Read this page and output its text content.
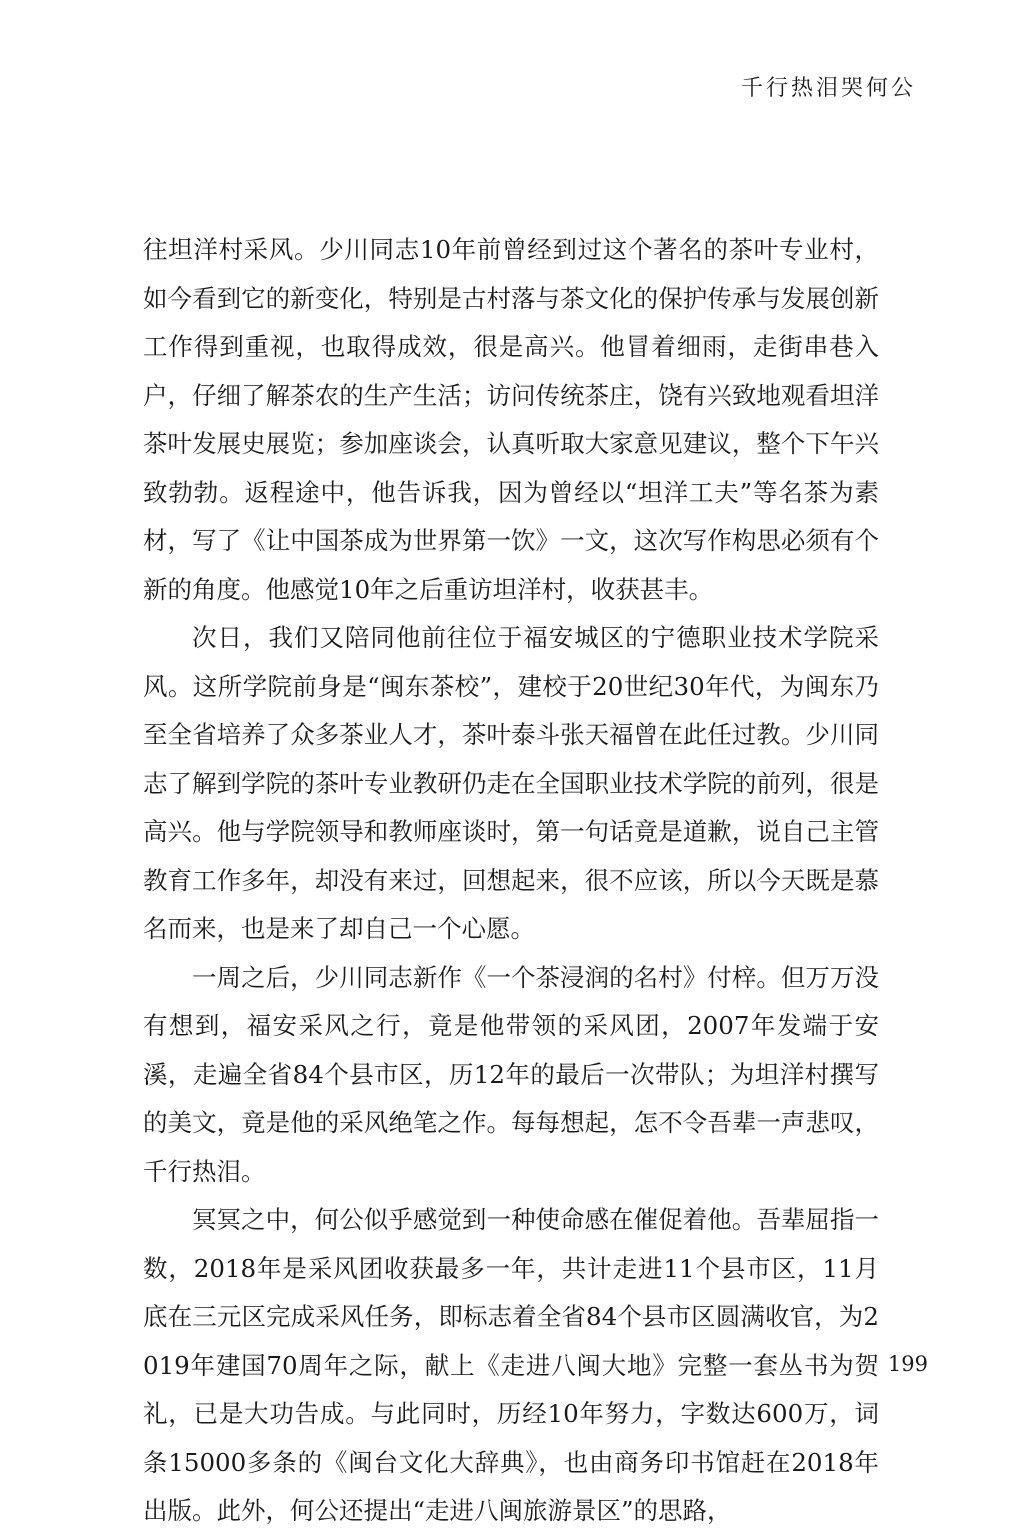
千行热泪哭何公

往坦洋村采风。少川同志10年前曾经到过这个著名的茶叶专业村，如今看到它的新变化，特别是古村落与茶文化的保护传承与发展创新工作得到重视，也取得成效，很是高兴。他冒着细雨，走街串巷入户，仔细了解茶农的生产生活；访问传统茶庄，饶有兴致地观看坦洋茶叶发展史展览；参加座谈会，认真听取大家意见建议，整个下午兴致勃勃。返程途中，他告诉我，因为曾经以“坦洋工夫”等名茶为素材，写了《让中国茶成为世界第一饮》一文，这次写作构思必须有个新的角度。他感觉10年之后重访坦洋村，收获甚丰。

次日，我们又陪同他前往位于福安城区的宁德职业技术学院采风。这所学院前身是“闽东茶校”，建校于20世纪30年代，为闽东乃至全省培养了众多茶业人才，茶叶泰斗张天福曾在此任过教。少川同志了解到学院的茶叶专业教研仍走在全国职业技术学院的前列，很是高兴。他与学院领导和教师座谈时，第一句话竟是道歉，说自己主管教育工作多年，却没有来过，回想起来，很不应该，所以今天既是慕名而来，也是来了却自己一个心愿。

一周之后，少川同志新作《一个茶浸润的名村》付梓。但万万没有想到，福安采风之行，竟是他带领的采风团，2007年发端于安溪，走遍全省84个县市区，历12年的最后一次带队；为坦洋村撰写的美文，竟是他的采风绝笔之作。每每想起，怎不令吾辈一声悲叹，千行热泪。

冥冥之中，何公似乎感觉到一种使命感在催促着他。吾辈屈指一数，2018年是采风团收获最多一年，共计走进11个县市区，11月底在三元区完成采风任务，即标志着全省84个县市区圆满收官，为2019年建国70周年之际，献上《走进八闽大地》完整一套丛书为贺礼，已是大功告成。与此同时，历经10年努力，字数达600万，词条15000多条的《闽台文化大辞典》，也由商务印书馆赶在2018年出版。此外，何公还提出“走进八闽旅游景区”的思路，

199
